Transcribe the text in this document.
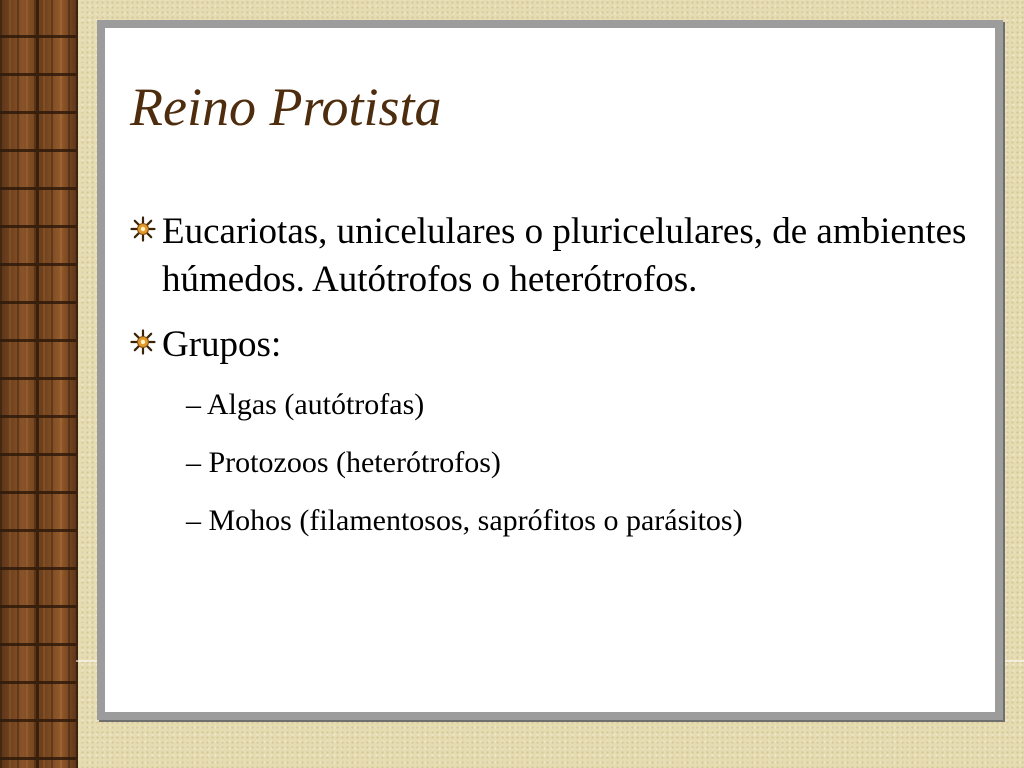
Reino Protista
Eucariotas, unicelulares o pluricelulares, de ambientes húmedos. Autótrofos o heterótrofos.
Grupos:
– Algas (autótrofas)
– Protozoos (heterótrofos)
– Mohos (filamentosos, saprófitos o parásitos)
